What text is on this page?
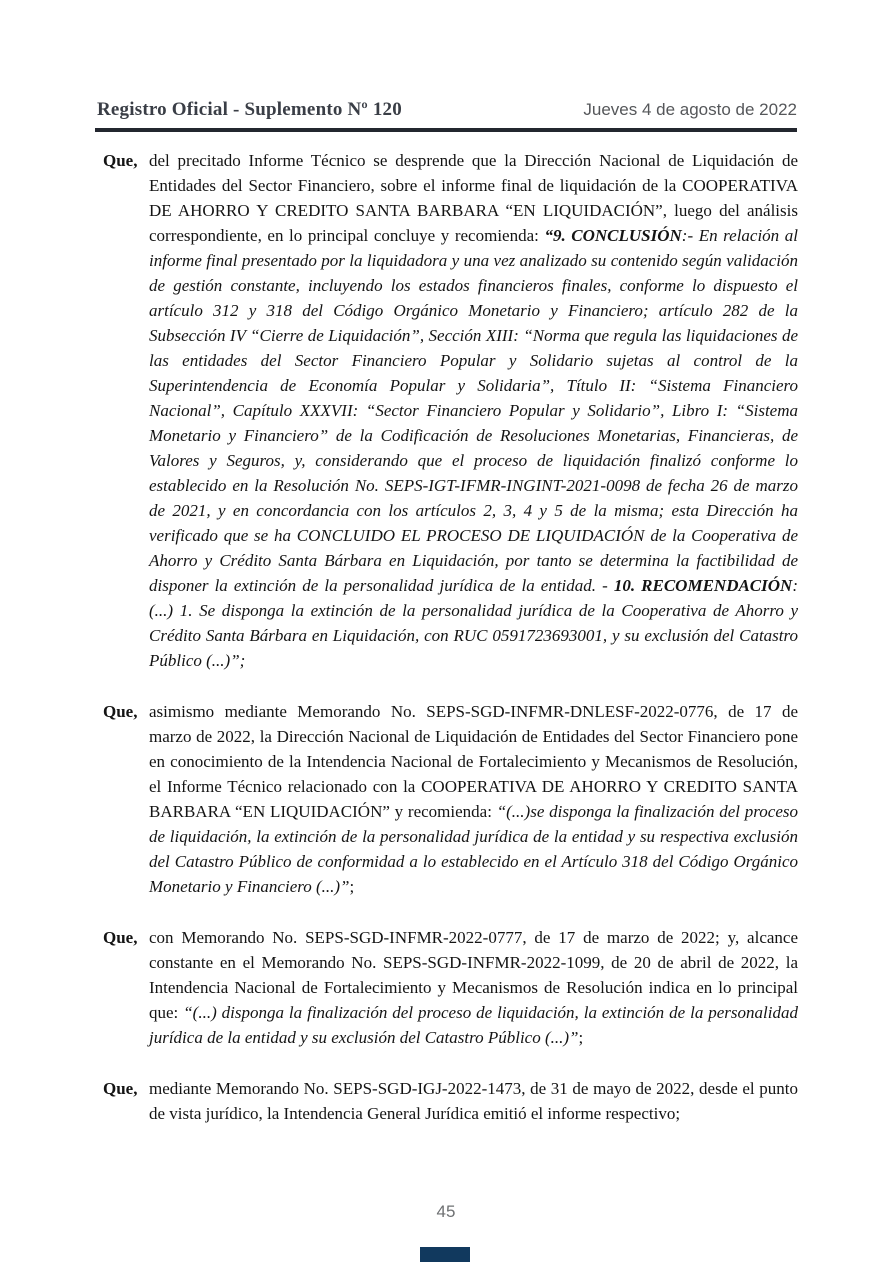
Registro Oficial - Suplemento Nº 120	Jueves 4 de agosto de 2022
Que, del precitado Informe Técnico se desprende que la Dirección Nacional de Liquidación de Entidades del Sector Financiero, sobre el informe final de liquidación de la COOPERATIVA DE AHORRO Y CREDITO SANTA BARBARA “EN LIQUIDACIÓN”, luego del análisis correspondiente, en lo principal concluye y recomienda: “9. CONCLUSIÓN:- En relación al informe final presentado por la liquidadora y una vez analizado su contenido según validación de gestión constante, incluyendo los estados financieros finales, conforme lo dispuesto el artículo 312 y 318 del Código Orgánico Monetario y Financiero; artículo 282 de la Subsección IV “Cierre de Liquidación”, Sección XIII: “Norma que regula las liquidaciones de las entidades del Sector Financiero Popular y Solidario sujetas al control de la Superintendencia de Economía Popular y Solidaria”, Título II: “Sistema Financiero Nacional”, Capítulo XXXVII: “Sector Financiero Popular y Solidario”, Libro I: “Sistema Monetario y Financiero” de la Codificación de Resoluciones Monetarias, Financieras, de Valores y Seguros, y, considerando que el proceso de liquidación finalizó conforme lo establecido en la Resolución No. SEPS-IGT-IFMR-INGINT-2021-0098 de fecha 26 de marzo de 2021, y en concordancia con los artículos 2, 3, 4 y 5 de la misma; esta Dirección ha verificado que se ha CONCLUIDO EL PROCESO DE LIQUIDACIÓN de la Cooperativa de Ahorro y Crédito Santa Bárbara en Liquidación, por tanto se determina la factibilidad de disponer la extinción de la personalidad jurídica de la entidad. - 10. RECOMENDACIÓN: (...) 1. Se disponga la extinción de la personalidad jurídica de la Cooperativa de Ahorro y Crédito Santa Bárbara en Liquidación, con RUC 0591723693001, y su exclusión del Catastro Público (...)”;
Que, asimismo mediante Memorando No. SEPS-SGD-INFMR-DNLESF-2022-0776, de 17 de marzo de 2022, la Dirección Nacional de Liquidación de Entidades del Sector Financiero pone en conocimiento de la Intendencia Nacional de Fortalecimiento y Mecanismos de Resolución, el Informe Técnico relacionado con la COOPERATIVA DE AHORRO Y CREDITO SANTA BARBARA “EN LIQUIDACIÓN” y recomienda: “(...)se disponga la finalización del proceso de liquidación, la extinción de la personalidad jurídica de la entidad y su respectiva exclusión del Catastro Público de conformidad a lo establecido en el Artículo 318 del Código Orgánico Monetario y Financiero (...)”;
Que, con Memorando No. SEPS-SGD-INFMR-2022-0777, de 17 de marzo de 2022; y, alcance constante en el Memorando No. SEPS-SGD-INFMR-2022-1099, de 20 de abril de 2022, la Intendencia Nacional de Fortalecimiento y Mecanismos de Resolución indica en lo principal que: “(...) disponga la finalización del proceso de liquidación, la extinción de la personalidad jurídica de la entidad y su exclusión del Catastro Público (...)”;
Que, mediante Memorando No. SEPS-SGD-IGJ-2022-1473, de 31 de mayo de 2022, desde el punto de vista jurídico, la Intendencia General Jurídica emitió el informe respectivo;
45
